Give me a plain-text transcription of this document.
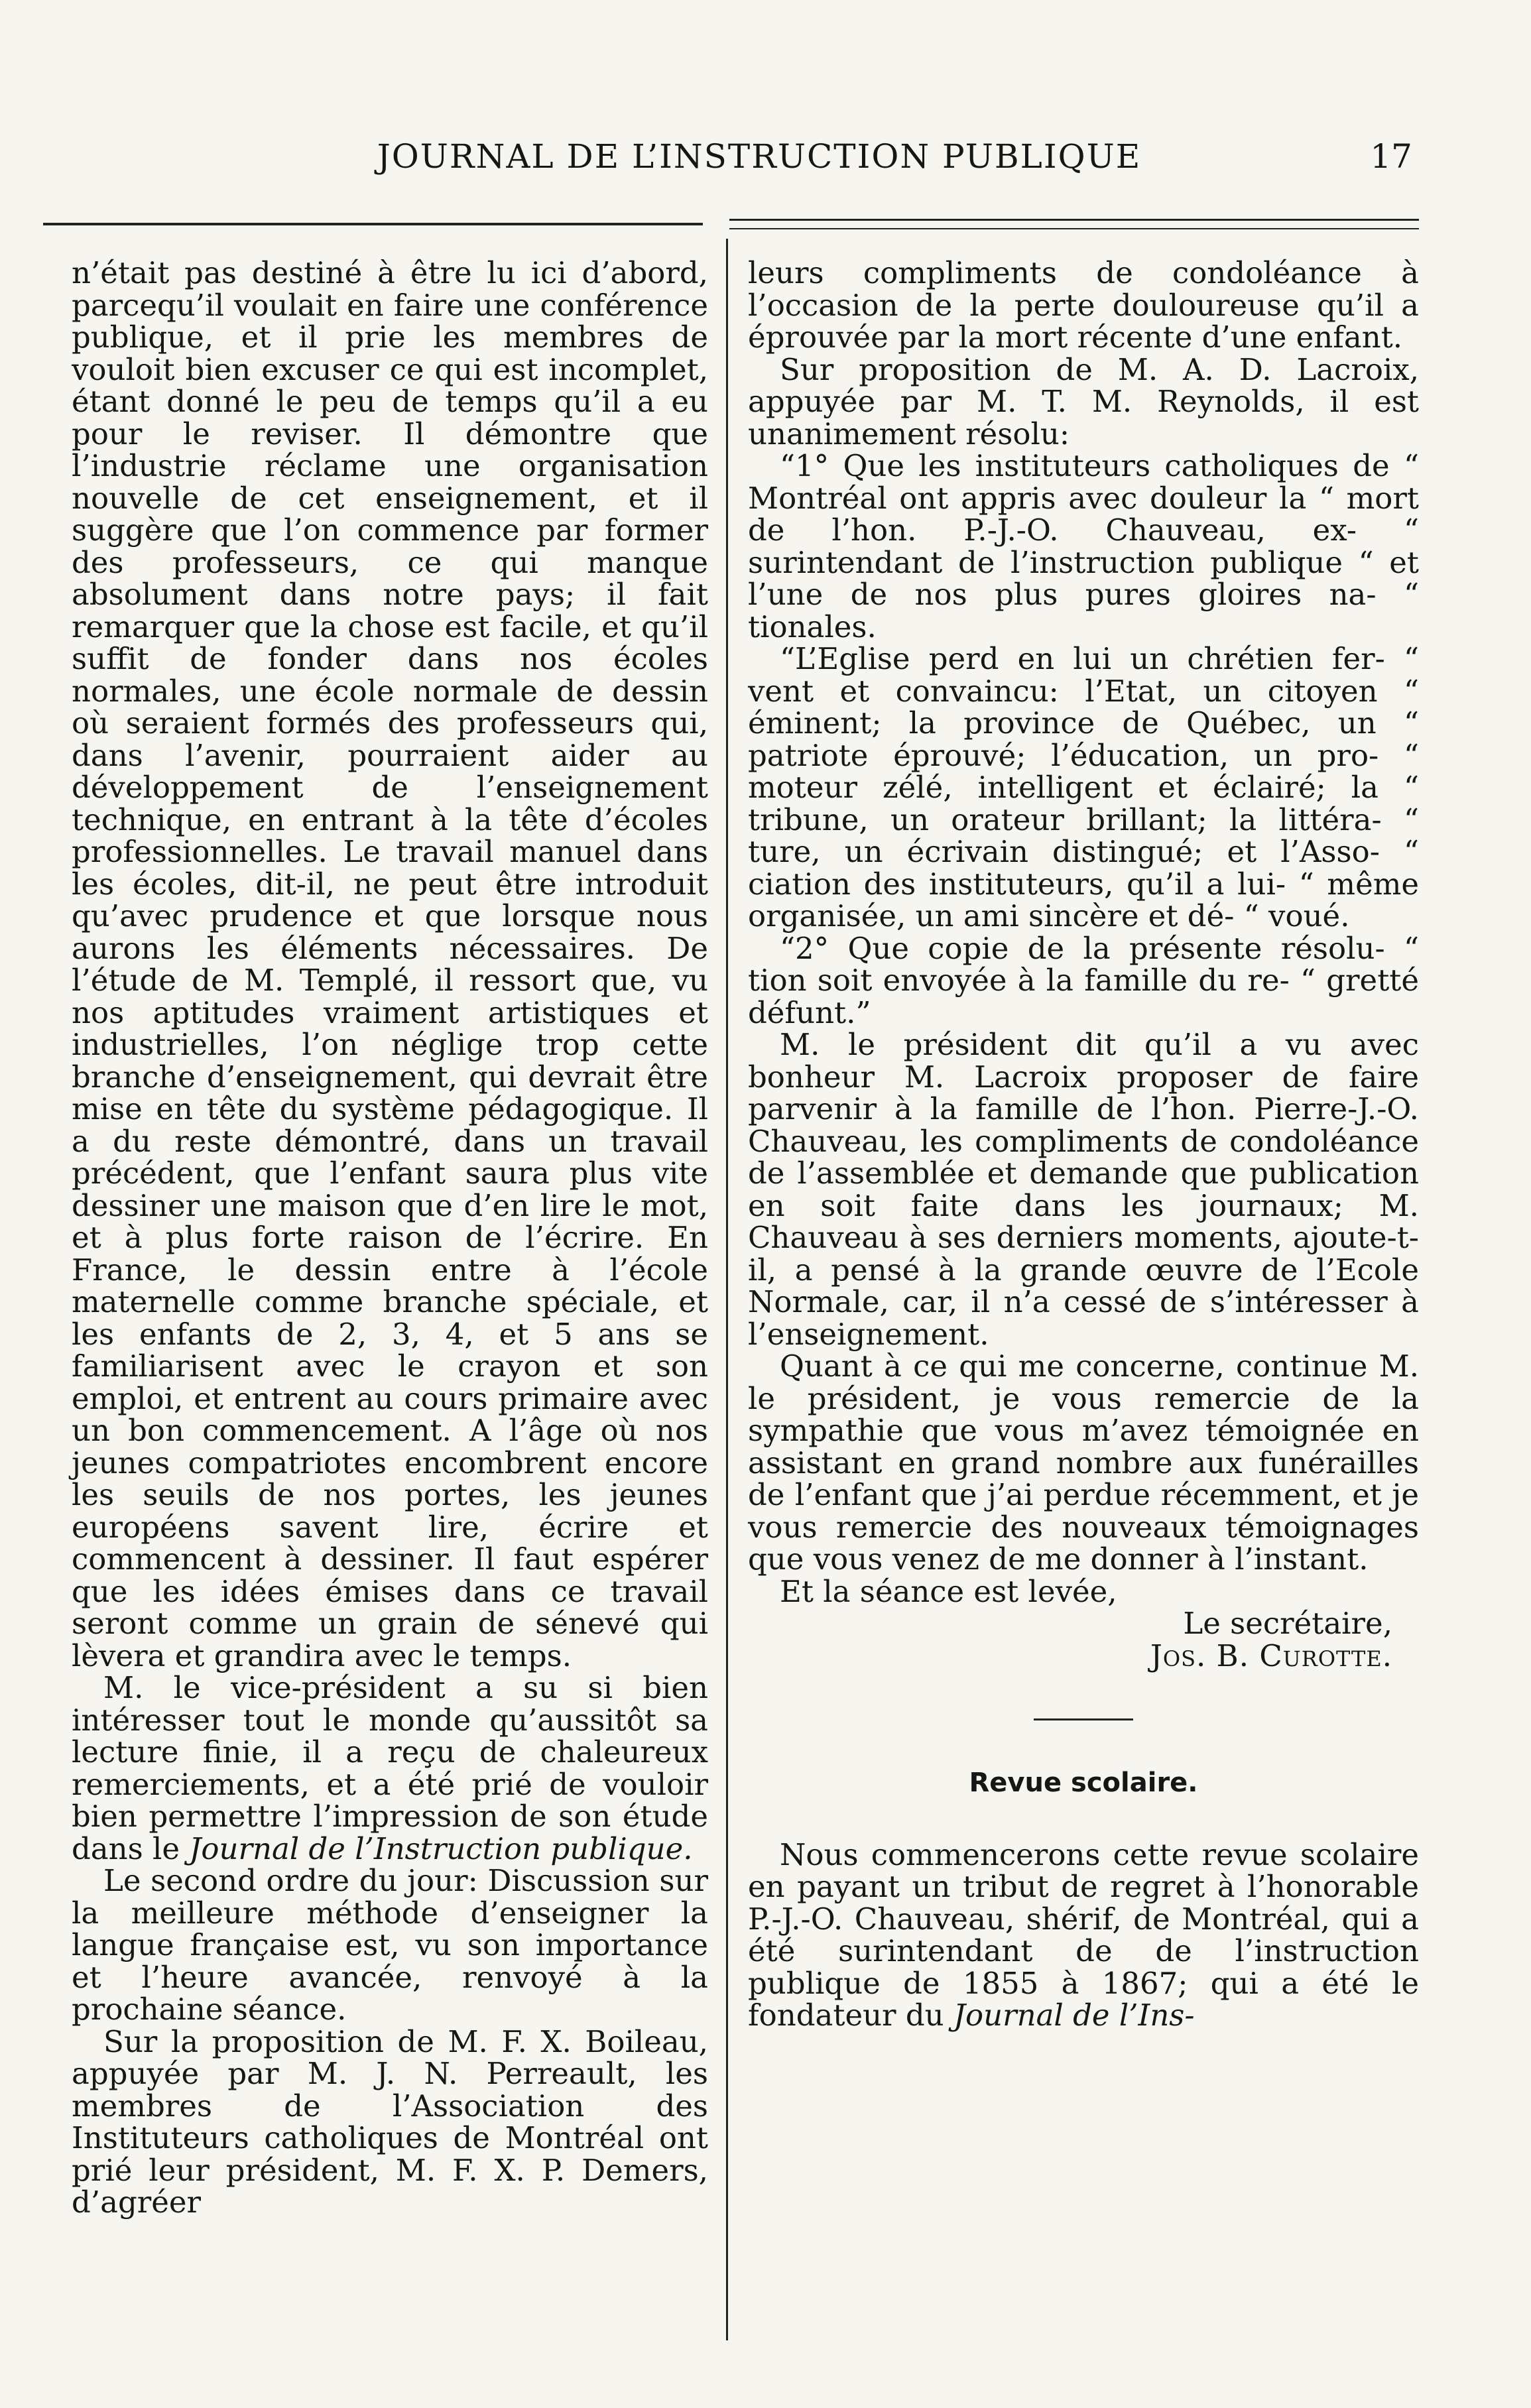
JOURNAL DE L’INSTRUCTION PUBLIQUE	17

n’était pas destiné à être lu ici d’abord, parcequ’il voulait en faire une conférence publique, et il prie les membres de vouloit bien excuser ce qui est incomplet, étant donné le peu de temps qu’il a eu pour le reviser. Il démontre que l’industrie réclame une organisation nouvelle de cet enseignement, et il suggère que l’on commence par former des professeurs, ce qui manque absolument dans notre pays; il fait remarquer que la chose est facile, et qu’il suffit de fonder dans nos écoles normales, une école normale de dessin où seraient formés des professeurs qui, dans l’avenir, pourraient aider au développement de l’enseignement technique, en entrant à la tête d’écoles professionnelles. Le travail manuel dans les écoles, dit-il, ne peut être introduit qu’avec prudence et que lorsque nous aurons les éléments nécessaires. De l’étude de M. Templé, il ressort que, vu nos aptitudes vraiment artistiques et industrielles, l’on néglige trop cette branche d’enseignement, qui devrait être mise en tête du système pédagogique. Il a du reste démontré, dans un travail précédent, que l’enfant saura plus vite dessiner une maison que d’en lire le mot, et à plus forte raison de l’écrire. En France, le dessin entre à l’école maternelle comme branche spéciale, et les enfants de 2, 3, 4, et 5 ans se familiarisent avec le crayon et son emploi, et entrent au cours primaire avec un bon commencement. A l’âge où nos jeunes compatriotes encombrent encore les seuils de nos portes, les jeunes européens savent lire, écrire et commencent à dessiner. Il faut espérer que les idées émises dans ce travail seront comme un grain de sénevé qui lèvera et grandira avec le temps.

M. le vice-président a su si bien intéresser tout le monde qu’aussitôt sa lecture finie, il a reçu de chaleureux remerciements, et a été prié de vouloir bien permettre l’impression de son étude dans le Journal de l’Instruction publique.

Le second ordre du jour: Discussion sur la meilleure méthode d’enseigner la langue française est, vu son importance et l’heure avancée, renvoyé à la prochaine séance.

Sur la proposition de M. F. X. Boileau, appuyée par M. J. N. Perreault, les membres de l’Association des Instituteurs catholiques de Montréal ont prié leur président, M. F. X. P. Demers, d’agréer

leurs compliments de condoléance à l’occasion de la perte douloureuse qu’il a éprouvée par la mort récente d’une enfant.

Sur proposition de M. A. D. Lacroix, appuyée par M. T. M. Reynolds, il est unanimement résolu:

“1° Que les instituteurs catholiques de “ Montréal ont appris avec douleur la “ mort de l’hon. P.-J.-O. Chauveau, ex- “ surintendant de l’instruction publique “ et l’une de nos plus pures gloires na- “ tionales.

“L’Eglise perd en lui un chrétien fer- “ vent et convaincu: l’Etat, un citoyen “ éminent; la province de Québec, un “ patriote éprouvé; l’éducation, un pro- “ moteur zélé, intelligent et éclairé; la “ tribune, un orateur brillant; la littéra- “ ture, un écrivain distingué; et l’Asso- “ ciation des instituteurs, qu’il a lui- “ même organisée, un ami sincère et dé- “ voué.

“2° Que copie de la présente résolu- “ tion soit envoyée à la famille du re- “ gretté défunt.”

M. le président dit qu’il a vu avec bonheur M. Lacroix proposer de faire parvenir à la famille de l’hon. Pierre-J.-O. Chauveau, les compliments de condoléance de l’assemblée et demande que publication en soit faite dans les journaux; M. Chauveau à ses derniers moments, ajoute-t-il, a pensé à la grande œuvre de l’Ecole Normale, car, il n’a cessé de s’intéresser à l’enseignement.

Quant à ce qui me concerne, continue M. le président, je vous remercie de la sympathie que vous m’avez témoignée en assistant en grand nombre aux funérailles de l’enfant que j’ai perdue récemment, et je vous remercie des nouveaux témoignages que vous venez de me donner à l’instant.

Et la séance est levée,

Le secrétaire,

Jos. B. Curotte.

Revue scolaire.

Nous commencerons cette revue scolaire en payant un tribut de regret à l’honorable P.-J.-O. Chauveau, shérif, de Montréal, qui a été surintendant de de l’instruction publique de 1855 à 1867; qui a été le fondateur du Journal de l’Ins-
